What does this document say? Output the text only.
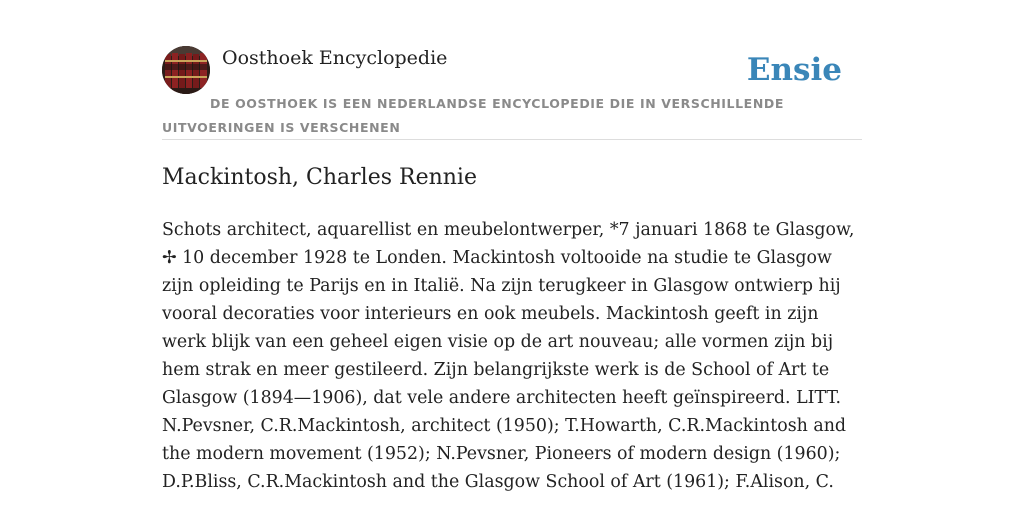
Oosthoek Encyclopedie	Ensie
DE OOSTHOEK IS EEN NEDERLANDSE ENCYCLOPEDIE DIE IN VERSCHILLENDE UITVOERINGEN IS VERSCHENEN
Mackintosh, Charles Rennie

Schots architect, aquarellist en meubelontwerper, *7 januari 1868 te Glasgow, ✢ 10 december 1928 te Londen. Mackintosh voltooide na studie te Glasgow zijn opleiding te Parijs en in Italië. Na zijn terugkeer in Glasgow ontwierp hij vooral decoraties voor interieurs en ook meubels. Mackintosh geeft in zijn werk blijk van een geheel eigen visie op de art nouveau; alle vormen zijn bij hem strak en meer gestileerd. Zijn belangrijkste werk is de School of Art te Glasgow (1894—1906), dat vele andere architecten heeft geïnspireerd. LITT. N.Pevsner, C.R.Mackintosh, architect (1950); T.Howarth, C.R.Mackintosh and the modern movement (1952); N.Pevsner, Pioneers of modern design (1960); D.P.Bliss, C.R.Mackintosh and the Glasgow School of Art (1961); F.Alison, C.
